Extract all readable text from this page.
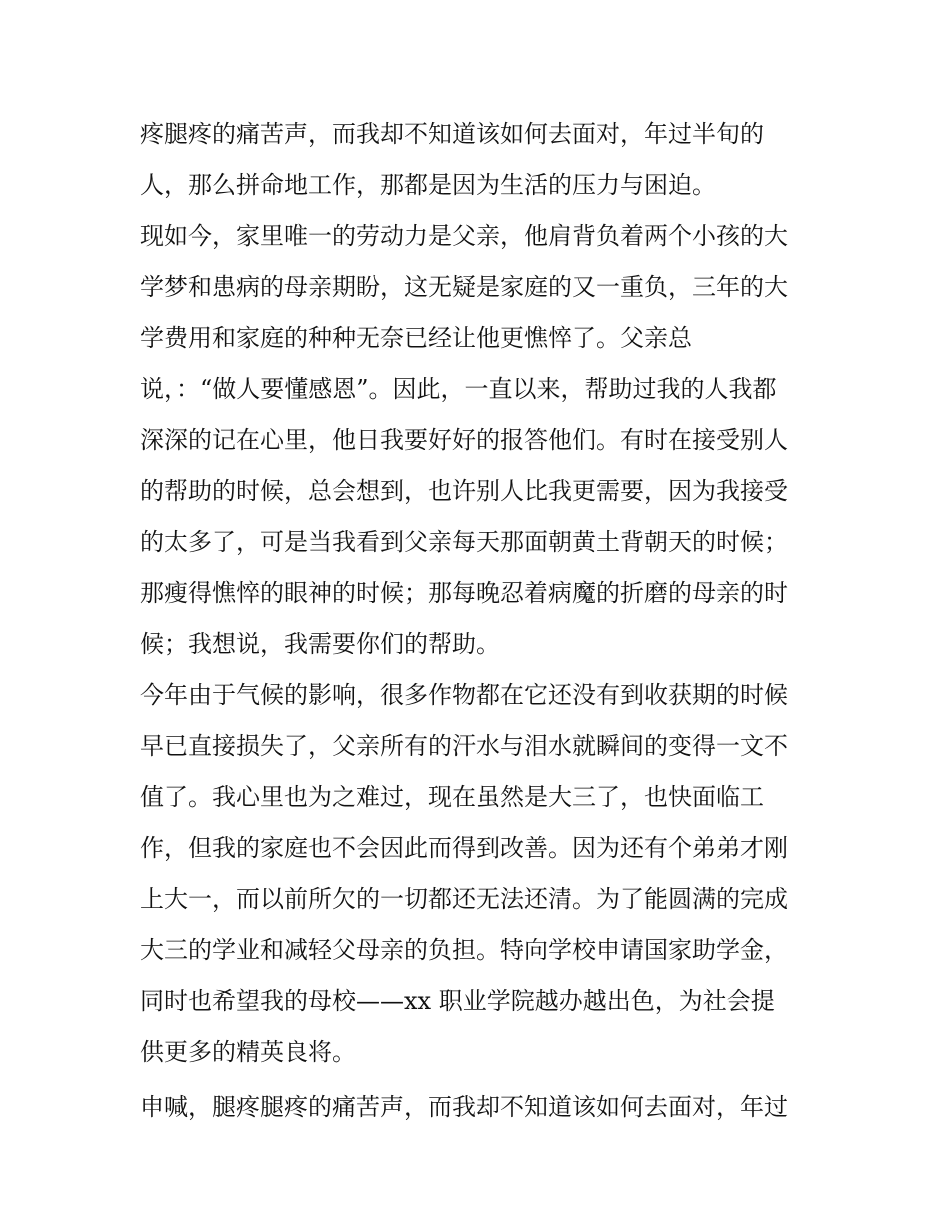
疼腿疼的痛苦声，而我却不知道该如何去面对，年过半旬的
人，那么拼命地工作，那都是因为生活的压力与困迫。
现如今，家里唯一的劳动力是父亲，他肩背负着两个小孩的大
学梦和患病的母亲期盼，这无疑是家庭的又一重负，三年的大
学费用和家庭的种种无奈已经让他更憔悴了。父亲总
说，：“做人要懂感恩”。因此，一直以来，帮助过我的人我都
深深的记在心里，他日我要好好的报答他们。有时在接受别人
的帮助的时候，总会想到，也许别人比我更需要，因为我接受
的太多了，可是当我看到父亲每天那面朝黄土背朝天的时候；
那瘦得憔悴的眼神的时候；那每晚忍着病魔的折磨的母亲的时
候；我想说，我需要你们的帮助。
今年由于气候的影响，很多作物都在它还没有到收获期的时候
早已直接损失了，父亲所有的汗水与泪水就瞬间的变得一文不
值了。我心里也为之难过，现在虽然是大三了，也快面临工
作，但我的家庭也不会因此而得到改善。因为还有个弟弟才刚
上大一，而以前所欠的一切都还无法还清。为了能圆满的完成
大三的学业和减轻父母亲的负担。特向学校申请国家助学金，
同时也希望我的母校——xx 职业学院越办越出色，为社会提
供更多的精英良将。
申喊，腿疼腿疼的痛苦声，而我却不知道该如何去面对，年过
